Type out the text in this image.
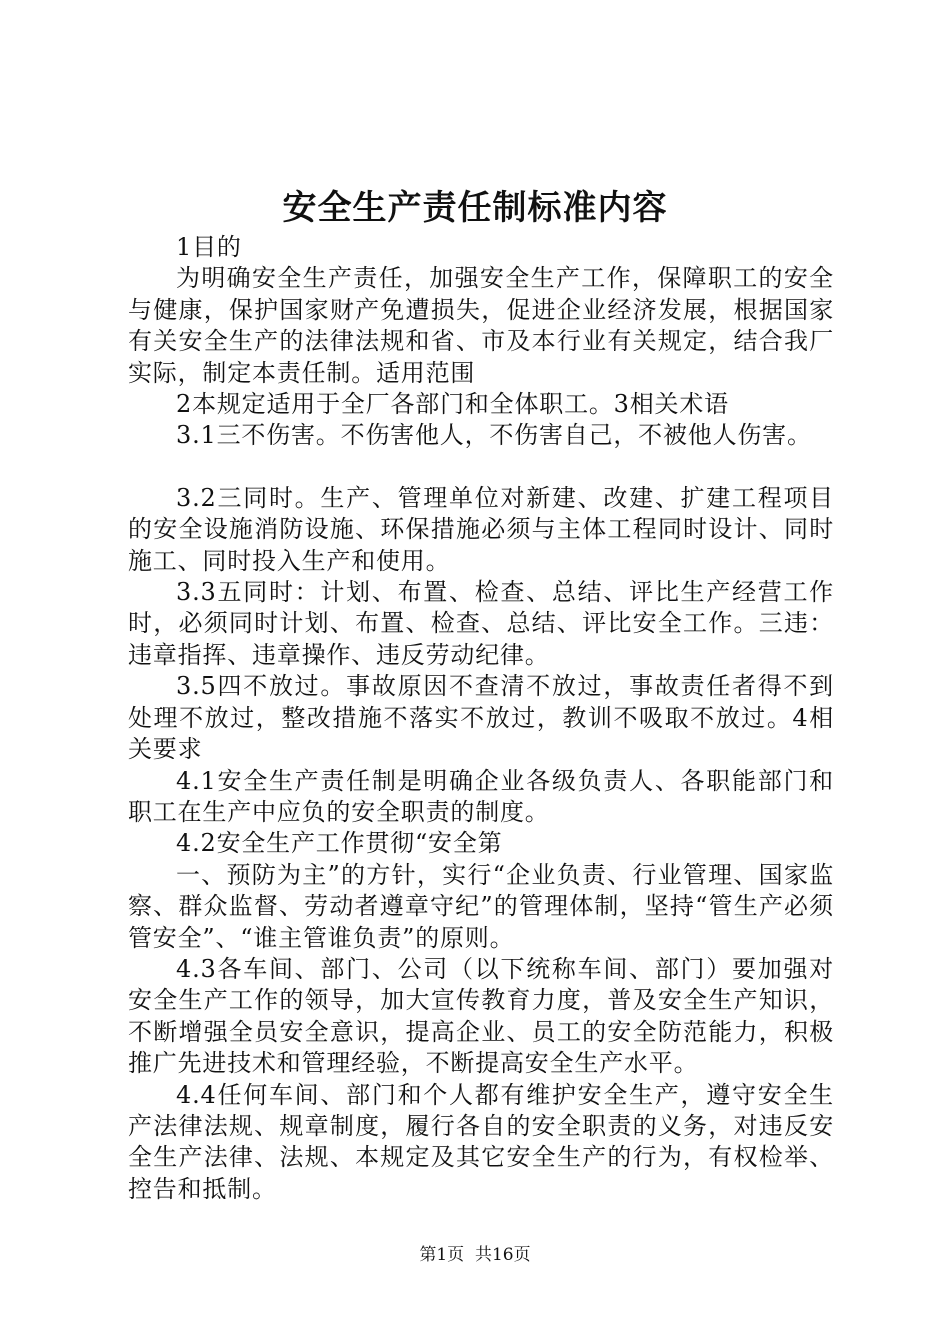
安全生产责任制标准内容

1目的

为明确安全生产责任，加强安全生产工作，保障职工的安全与健康，保护国家财产免遭损失，促进企业经济发展，根据国家有关安全生产的法律法规和省、市及本行业有关规定，结合我厂实际，制定本责任制。适用范围

2本规定适用于全厂各部门和全体职工。3相关术语

3.1三不伤害。不伤害他人，不伤害自己，不被他人伤害。

3.2三同时。生产、管理单位对新建、改建、扩建工程项目的安全设施消防设施、环保措施必须与主体工程同时设计、同时施工、同时投入生产和使用。

3.3五同时：计划、布置、检查、总结、评比生产经营工作时，必须同时计划、布置、检查、总结、评比安全工作。三违：违章指挥、违章操作、违反劳动纪律。

3.5四不放过。事故原因不查清不放过，事故责任者得不到处理不放过，整改措施不落实不放过，教训不吸取不放过。4相关要求

4.1安全生产责任制是明确企业各级负责人、各职能部门和职工在生产中应负的安全职责的制度。

4.2安全生产工作贯彻“安全第

一、预防为主”的方针，实行“企业负责、行业管理、国家监察、群众监督、劳动者遵章守纪”的管理体制，坚持“管生产必须管安全”、“谁主管谁负责”的原则。

4.3各车间、部门、公司（以下统称车间、部门）要加强对安全生产工作的领导，加大宣传教育力度，普及安全生产知识，不断增强全员安全意识，提高企业、员工的安全防范能力，积极推广先进技术和管理经验，不断提高安全生产水平。

4.4任何车间、部门和个人都有维护安全生产，遵守安全生产法律法规、规章制度，履行各自的安全职责的义务，对违反安全生产法律、法规、本规定及其它安全生产的行为，有权检举、控告和抵制。

第1页  共16页
